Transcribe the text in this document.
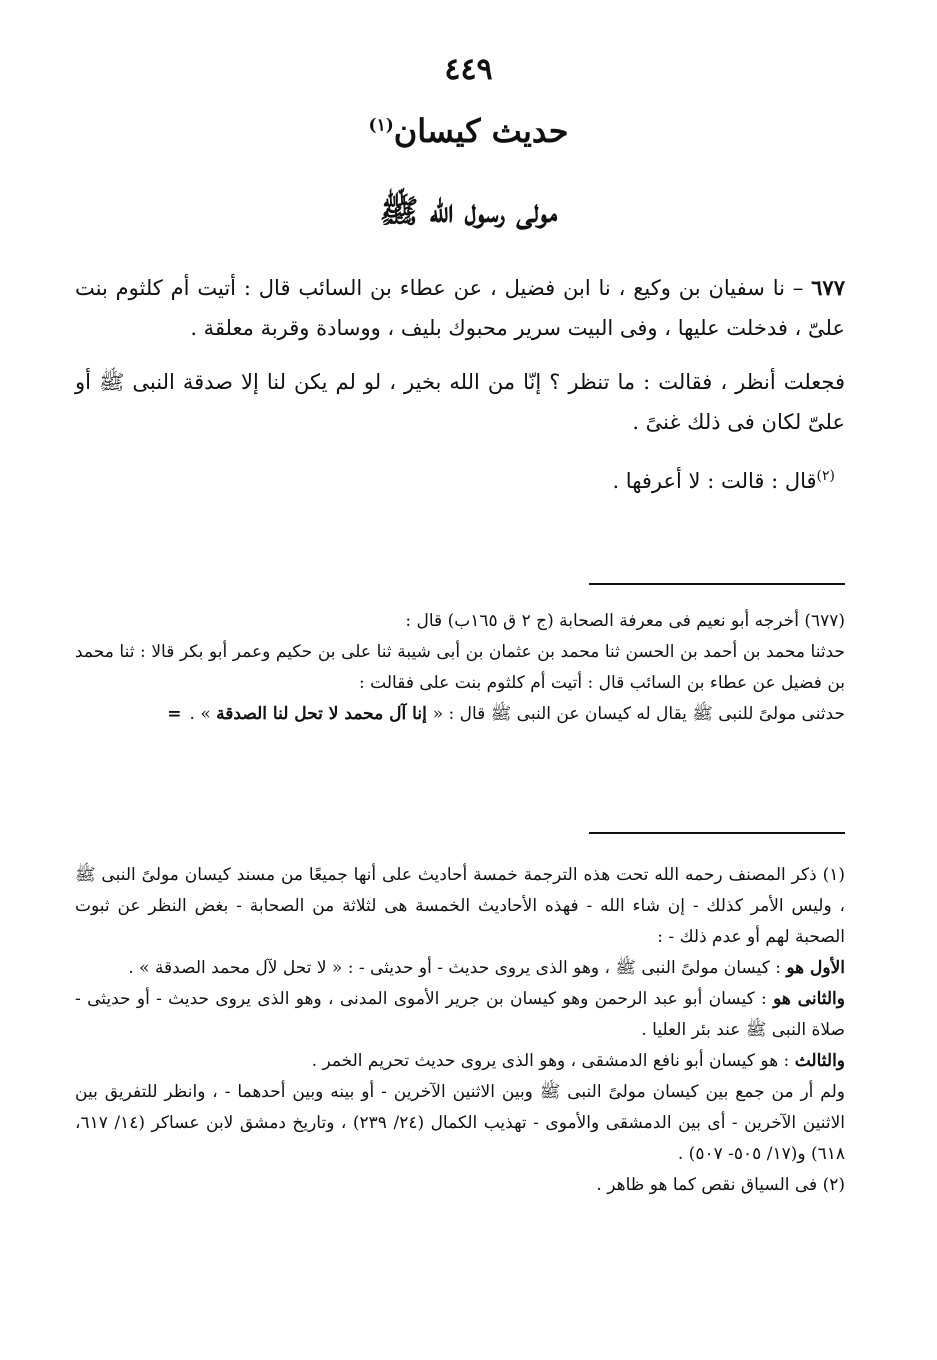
٤٤٩
حديث كيسان$^{(١)}$
مولى رسول الله ﷺ

٦٧٧ – نا سفيان بن وكيع ، نا ابن فضيل ، عن عطاء بن السائب قال : أتيت أم كلثوم بنت علىّ ، فدخلت عليها ، وفى البيت سرير محبوك بليف ، ووسادة وقربة معلقة .

فجعلت أنظر ، فقالت : ما تنظر ؟ إنّا من الله بخير ، لو لم يكن لنا إلا صدقة النبى ﷺ أو علىّ لكان فى ذلك غنىً .

$^{(٢)}$قال : قالت : لا أعرفها .

(٦٧٧) أخرجه أبو نعيم فى معرفة الصحابة (ج ٢ ق ١٦٥ب) قال :

حدثنا محمد بن أحمد بن الحسن ثنا محمد بن عثمان بن أبى شيبة ثنا على بن حكيم وعمر أبو بكر قالا : ثنا محمد بن فضيل عن عطاء بن السائب قال : أتيت أم كلثوم بنت على فقالت :

حدثنى مولىً للنبى ﷺ يقال له كيسان عن النبى ﷺ قال : « إنا آل محمد لا تحل لنا الصدقة » .=

(١) ذكر المصنف رحمه الله تحت هذه الترجمة خمسة أحاديث على أنها جميعًا من مسند كيسان مولىً النبى ﷺ ، وليس الأمر كذلك - إن شاء الله - فهذه الأحاديث الخمسة هى لثلاثة من الصحابة - بغض النظر عن ثبوت الصحبة لهم أو عدم ذلك - :

الأول هو : كيسان مولىً النبى ﷺ ، وهو الذى يروى حديث - أو حديثى - : « لا تحل لآل محمد الصدقة » .

والثانى هو : كيسان أبو عبد الرحمن وهو كيسان بن جرير الأموى المدنى ، وهو الذى يروى حديث - أو حديثى - صلاة النبى ﷺ عند بئر العليا .

والثالث : هو كيسان أبو نافع الدمشقى ، وهو الذى يروى حديث تحريم الخمر .

ولم أر من جمع بين كيسان مولىً النبى ﷺ وبين الاثنين الآخرين - أو بينه وبين أحدهما - ، وانظر للتفريق بين الاثنين الآخرين - أى بين الدمشقى والأموى - تهذيب الكمال (٢٤/ ٢٣٩) ، وتاريخ دمشق لابن عساكر (١٤/ ٦١٧، ٦١٨) و(١٧/ ٥٠٥- ٥٠٧) .

(٢) فى السياق نقص كما هو ظاهر .
